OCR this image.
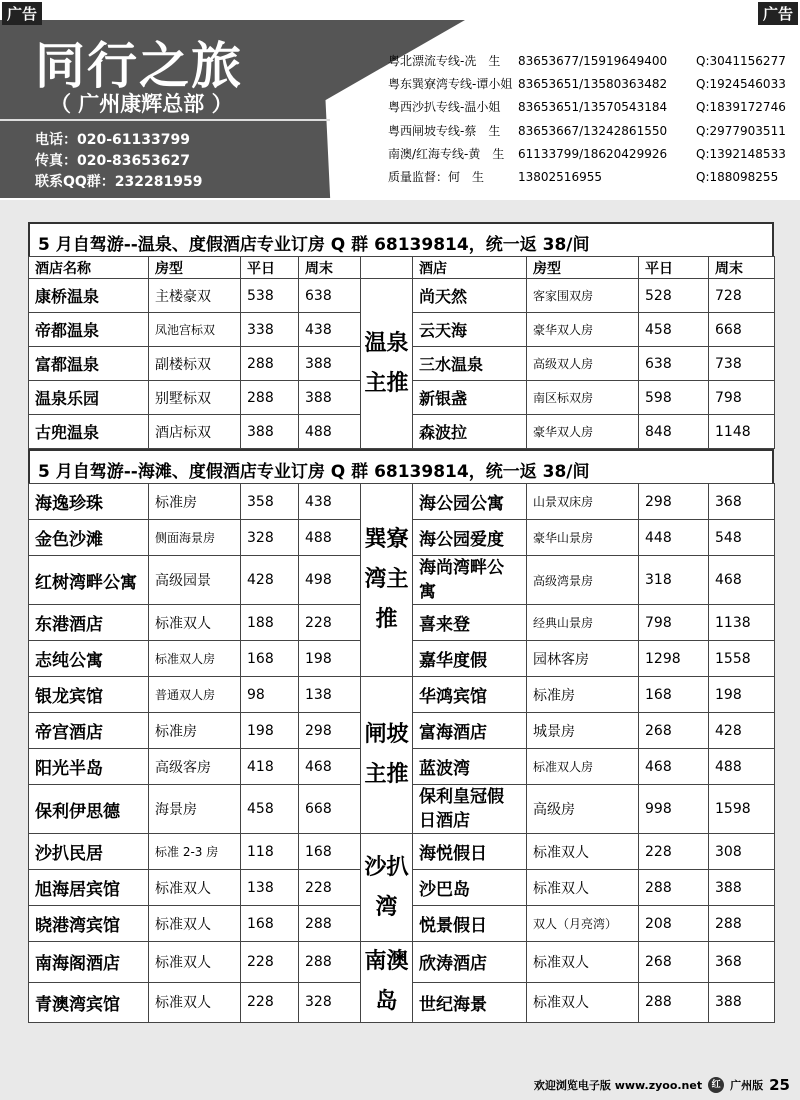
广告	广告
同行之旅
（ 广州康辉总部 ）
电话：020-61133799
传真：020-83653627
联系QQ群：232281959
粤北漂流专线-冼　生	83653677/15919649400	Q:3041156277
粤东巽寮湾专线-谭小姐 83653651/13580363482	Q:1924546033
粤西沙扒专线-温小姐	83653651/13570543184	Q:1839172746
粤西闸坡专线-蔡　生	83653667/13242861550	Q:2977903511
南澳/红海专线-黄　生	61133799/18620429926	Q:1392148533
质量监督：何　生	13802516955	Q:188098255
5 月自驾游--温泉、度假酒店专业订房 Q 群 68139814，统一返 38/间
酒店名称	房型	平日	周末		酒店	房型	平日	周末
康桥温泉	主楼豪双	538	638	温泉主推	尚天然	客家围双房	528	728
帝都温泉	凤池宫标双	338	438		云天海	豪华双人房	458	668
富都温泉	副楼标双	288	388		三水温泉	高级双人房	638	738
温泉乐园	别墅标双	288	388		新银盏	南区标双房	598	798
古兜温泉	酒店标双	388	488		森波拉	豪华双人房	848	1148
5 月自驾游--海滩、度假酒店专业订房 Q 群 68139814，统一返 38/间
海逸珍珠	标准房	358	438	巽寮湾主推	海公园公寓	山景双床房	298	368
金色沙滩	侧面海景房	328	488		海公园爱度	豪华山景房	448	548
红树湾畔公寓	高级园景	428	498		海尚湾畔公寓	高级湾景房	318	468
东港酒店	标准双人	188	228		喜来登	经典山景房	798	1138
志纯公寓	标准双人房	168	198		嘉华度假	园林客房	1298	1558
银龙宾馆	普通双人房	98	138	闸坡主推	华鸿宾馆	标准房	168	198
帝宫酒店	标准房	198	298		富海酒店	城景房	268	428
阳光半岛	高级客房	418	468		蓝波湾	标准双人房	468	488
保利伊思德	海景房	458	668		保利皇冠假日酒店	高级房	998	1598
沙扒民居	标准 2-3 房	118	168	沙扒湾	海悦假日	标准双人	228	308
旭海居宾馆	标准双人	138	228		沙巴岛	标准双人	288	388
晓港湾宾馆	标准双人	168	288		悦景假日	双人（月亮湾）	208	288
南海阁酒店	标准双人	228	288	南澳岛	欣涛酒店	标准双人	268	368
青澳湾宾馆	标准双人	228	328		世纪海景	标准双人	288	388
欢迎浏览电子版 www.zyoo.net	红 广州版 25
